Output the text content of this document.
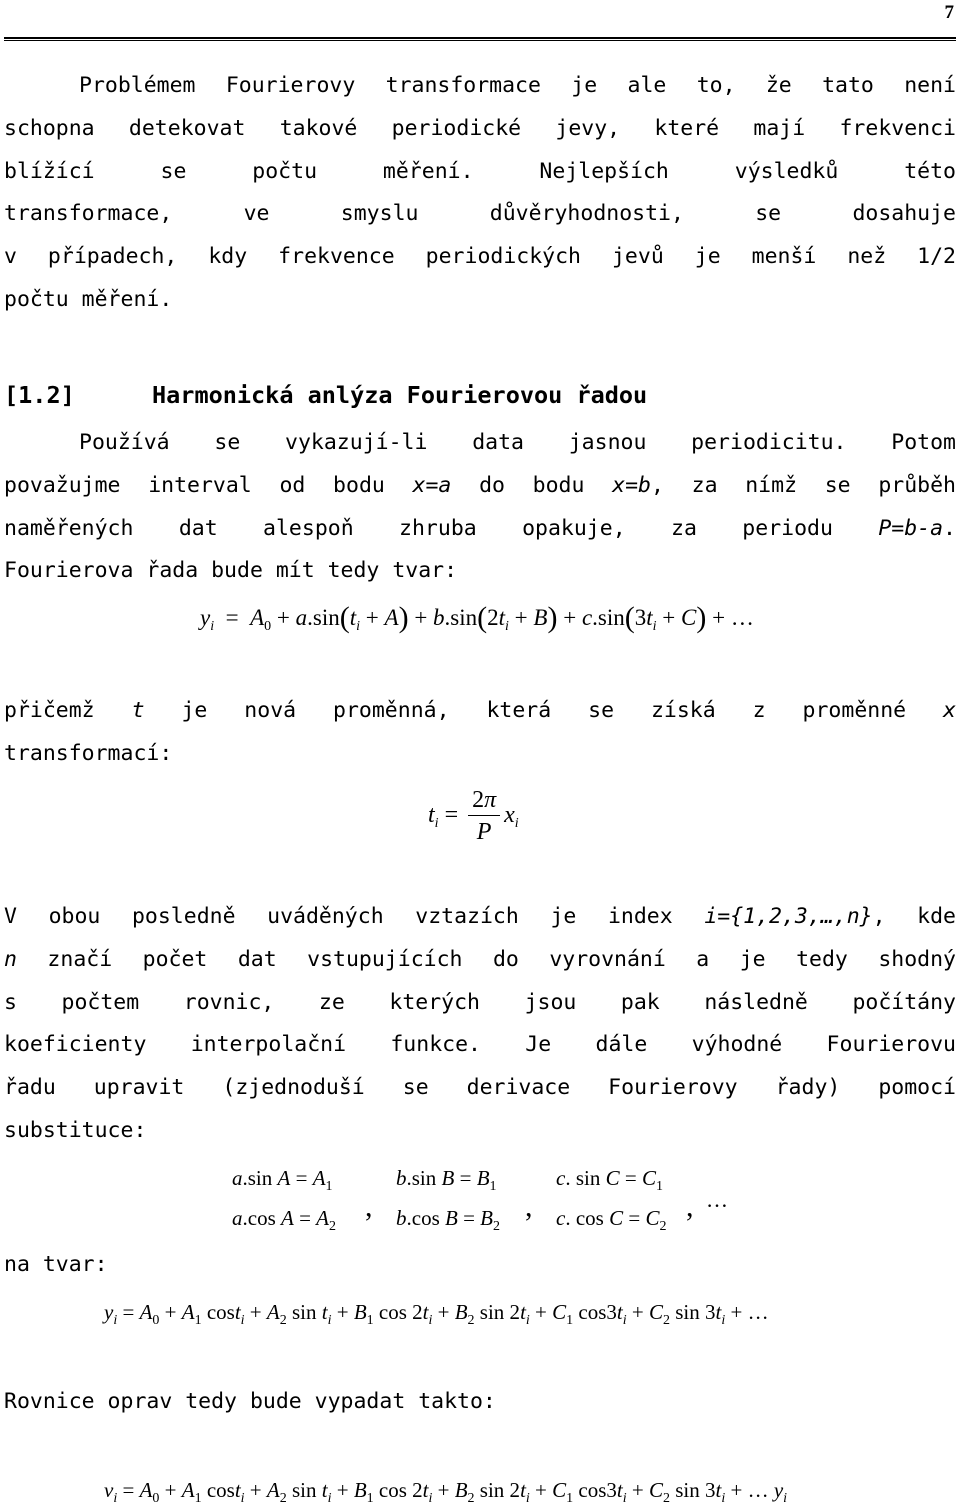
7
Problémem Fourierovy transformace je ale to, že tato není
schopna detekovat takové periodické jevy, které mají frekvenci
blížící se počtu měření. Nejlepších výsledků této
transformace, ve smyslu důvěryhodnosti, se dosahuje
v případech, kdy frekvence periodických jevů je menší než 1/2
počtu měření.
[1.2]	Harmonická anlýza Fourierovou řadou
Používá se vykazují-li data jasnou periodicitu. Potom
považujme interval od bodu x=a do bodu x=b, za nímž se průběh
naměřených dat alespoň zhruba opakuje, za periodu P=b-a.
Fourierova řada bude mít tedy tvar:
$y_i = A_0 + a.\sin(t_i + A) + b.\sin(2t_i + B) + c.\sin(3t_i + C)$ + …
přičemž t je nová proměnná, která se získá z proměnné x
transformací:
$t_i = \frac{2\pi}{P} x_i$
V obou posledně uváděných vztazích je index i={1,2,3,…,n}, kde
n značí počet dat vstupujících do vyrovnání a je tedy shodný
s počtem rovnic, ze kterých jsou pak následně počítány
koeficienty interpolační funkce. Je dále výhodné Fourierovu
řadu upravit (zjednoduší se derivace Fourierovy řady) pomocí
substituce:
a.sin $A = A_1$
a.cos $A = A_2$
,
b.sin $B = B_1$
b.cos $B = B_2$
,
c. $\sin C = C_1$
c. $\cos C = C_2$
, …
na tvar:
$y_i = A_0 + A_1$ $\cos t_i + A_2$ $\sin t_i + B_1$ $\cos 2t_i + B_2$ $\sin 2t_i + C_1$ $\cos 3t_i + C_2$ $\sin 3t_i$ + …
Rovnice oprav tedy bude vypadat takto:
$v_i = A_0 + A_1$ $\cos t_i + A_2$ $\sin t_i + B_1$ $\cos 2t_i + B_2$ $\sin 2t_i + C_1$ $\cos 3t_i + C_2$ $\sin 3t_i$ + … $y_i$
